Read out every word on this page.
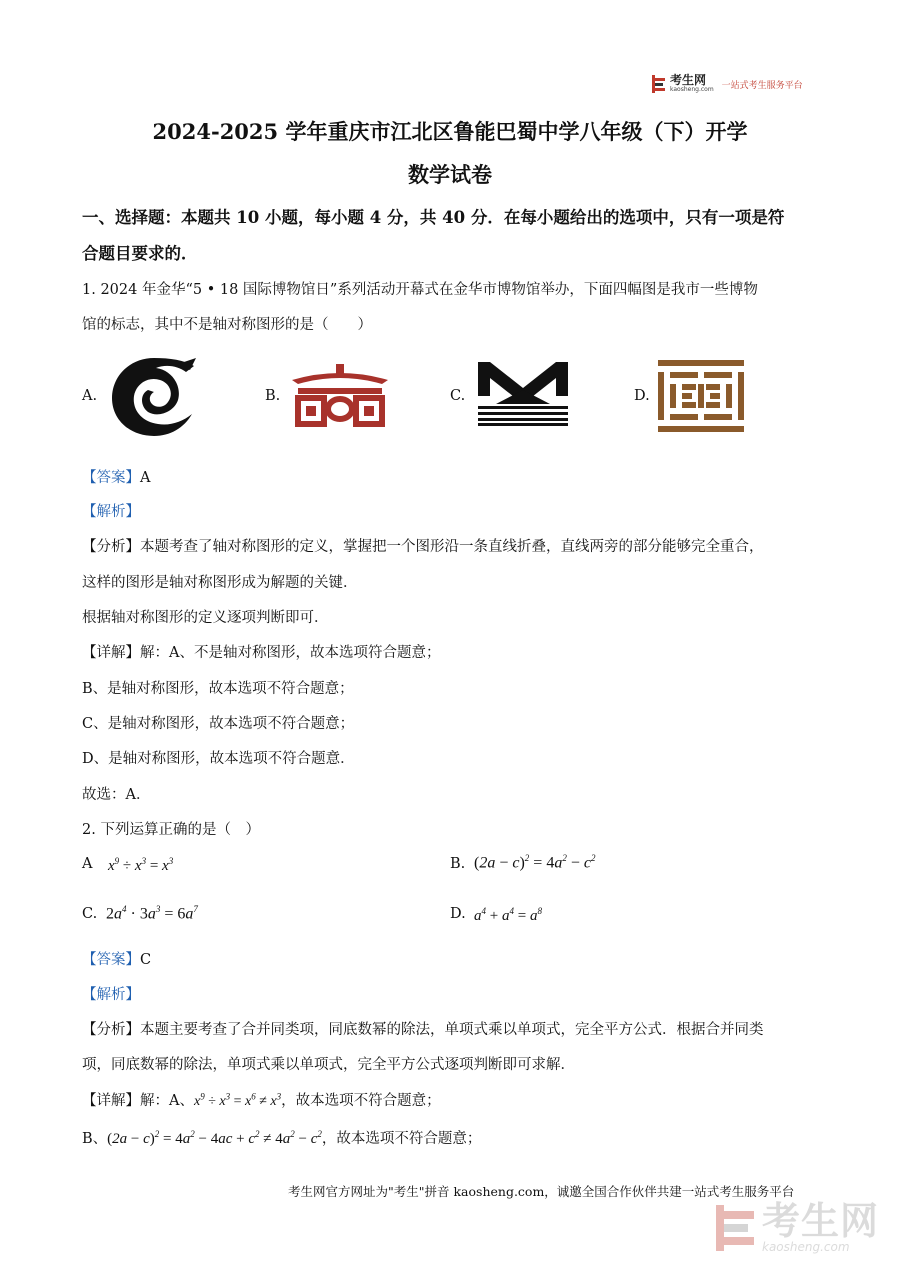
考生网
kaosheng.com 一站式考生服务平台
2024-2025 学年重庆市江北区鲁能巴蜀中学八年级（下）开学
数学试卷
一、选择题：本题共 10 小题，每小题 4 分，共 40 分．在每小题给出的选项中，只有一项是符
合题目要求的．
1. 2024 年金华“5 • 18 国际博物馆日”系列活动开幕式在金华市博物馆举办，下面四幅图是我市一些博物
馆的标志，其中不是轴对称图形的是（　　）
A.	B.	C.	D.
【答案】A
【解析】
【分析】本题考查了轴对称图形的定义，掌握把一个图形沿一条直线折叠，直线两旁的部分能够完全重合，
这样的图形是轴对称图形成为解题的关键．
根据轴对称图形的定义逐项判断即可．
【详解】解：A、不是轴对称图形，故本选项符合题意；
B、是轴对称图形，故本选项不符合题意；
C、是轴对称图形，故本选项不符合题意；
D、是轴对称图形，故本选项不符合题意．
故选：A．
2. 下列运算正确的是（　）
A $x^9 \div x^3 = x^3$	B. $(2a - c)^2 = 4a^2 - c^2$
C. $2a^4 \cdot 3a^3 = 6a^7$	D. $a^4 + a^4 = a^8$
【答案】C
【解析】
【分析】本题主要考查了合并同类项，同底数幂的除法，单项式乘以单项式，完全平方公式．根据合并同类
项，同底数幂的除法，单项式乘以单项式，完全平方公式逐项判断即可求解．
【详解】解：A、$x^9 \div x^3 = x^6 \ne x^3$，故本选项不符合题意；
B、$(2a - c)^2 = 4a^2 - 4ac + c^2 \ne 4a^2 - c^2$，故本选项不符合题意；
考生网官方网址为"考生"拼音 kaosheng.com，诚邀全国合作伙伴共建一站式考生服务平台
考生网
kaosheng.com
